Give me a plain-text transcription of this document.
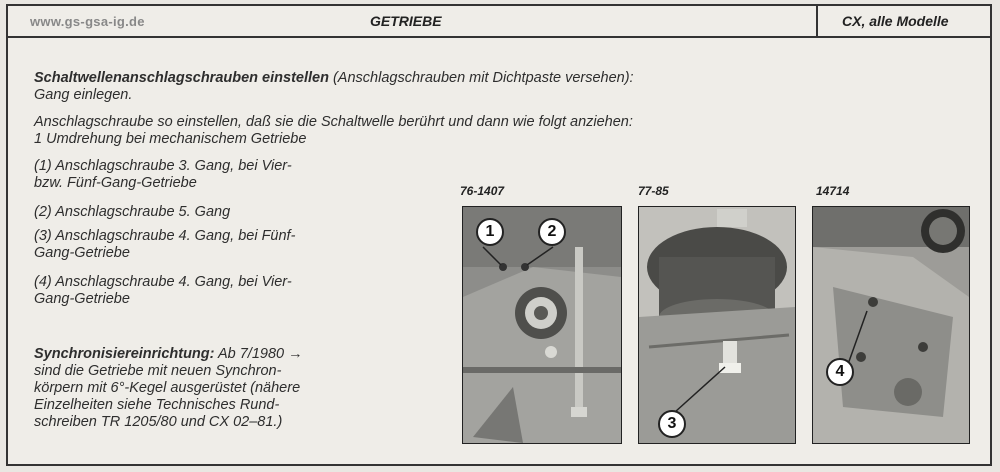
www.gs-gsa-ig.de	GETRIEBE	CX, alle Modelle
Schaltwellenanschlagschrauben einstellen (Anschlagschrauben mit Dichtpaste versehen):
Gang einlegen.
Anschlagschraube so einstellen, daß sie die Schaltwelle berührt und dann wie folgt anziehen:
1 Umdrehung bei mechanischem Getriebe
(1) Anschlagschraube 3. Gang, bei Vier-
bzw. Fünf-Gang-Getriebe
(2) Anschlagschraube 5. Gang
(3) Anschlagschraube 4. Gang, bei Fünf-
Gang-Getriebe
(4) Anschlagschraube 4. Gang, bei Vier-
Gang-Getriebe
Synchronisiereinrichtung: Ab 7/1980 →
sind die Getriebe mit neuen Synchron-
körpern mit 6°-Kegel ausgerüstet (nähere
Einzelheiten siehe Technisches Rund-
schreiben TR 1205/80 und CX 02–81.)
76-1407
1	2
77-85
3
14714
4
